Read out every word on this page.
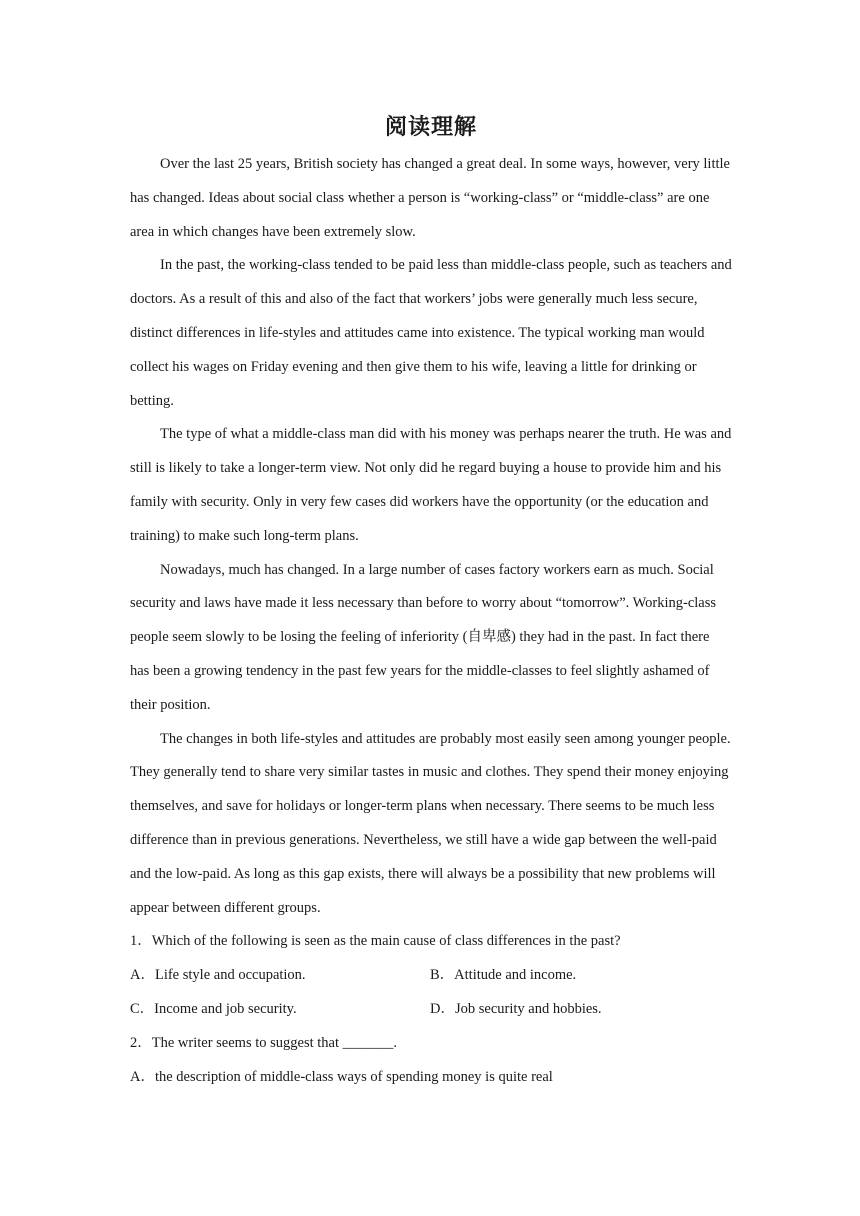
阅读理解

Over the last 25 years, British society has changed a great deal. In some ways, however, very little has changed. Ideas about social class whether a person is “working-class” or “middle-class” are one area in which changes have been extremely slow.

In the past, the working-class tended to be paid less than middle-class people, such as teachers and doctors. As a result of this and also of the fact that workers’ jobs were generally much less secure, distinct differences in life-styles and attitudes came into existence. The typical working man would collect his wages on Friday evening and then give them to his wife, leaving a little for drinking or betting.

The type of what a middle-class man did with his money was perhaps nearer the truth. He was and still is likely to take a longer-term view. Not only did he regard buying a house to provide him and his family with security. Only in very few cases did workers have the opportunity (or the education and training) to make such long-term plans.

Nowadays, much has changed. In a large number of cases factory workers earn as much. Social security and laws have made it less necessary than before to worry about “tomorrow”. Working-class people seem slowly to be losing the feeling of inferiority (自卑感) they had in the past. In fact there has been a growing tendency in the past few years for the middle-classes to feel slightly ashamed of their position.

The changes in both life-styles and attitudes are probably most easily seen among younger people. They generally tend to share very similar tastes in music and clothes. They spend their money enjoying themselves, and save for holidays or longer-term plans when necessary. There seems to be much less difference than in previous generations. Nevertheless, we still have a wide gap between the well-paid and the low-paid. As long as this gap exists, there will always be a possibility that new problems will appear between different groups.

1．Which of the following is seen as the main cause of class differences in the past?

A．Life style and occupation.	B．Attitude and income.
C．Income and job security.	D．Job security and hobbies.

2．The writer seems to suggest that _______.

A．the description of middle-class ways of spending money is quite real
